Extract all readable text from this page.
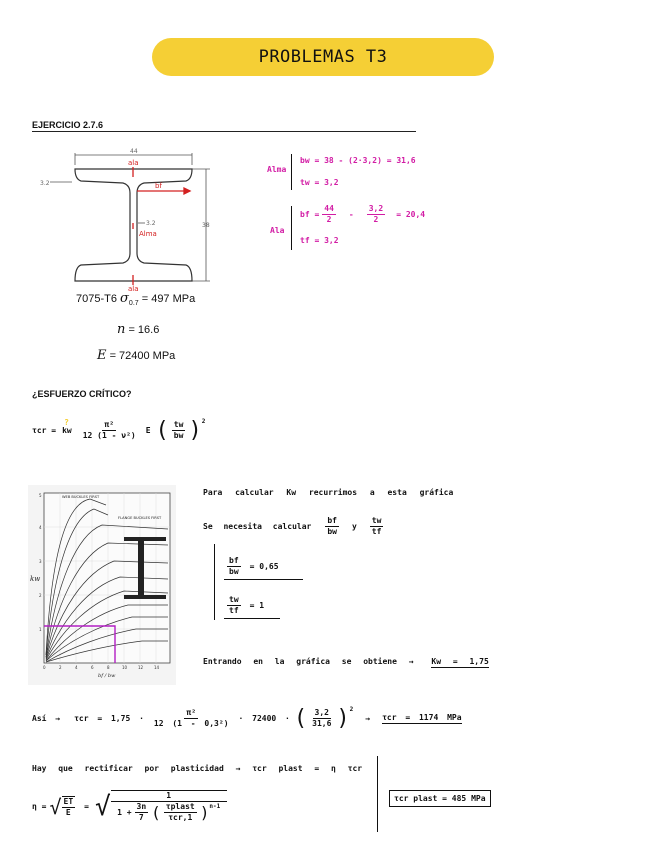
PROBLEMAS T3
EJERCICIO 2.7.6
ala
bf
Alma
ala
44
38
3.2
3.2
7075-T6 $\sigma_{0.7} = 497$ MPa
n = 16.6
E = 72400 MPa
Alma
bw = 38 - (2·3,2) = 31,6
tw = 3,2
Ala
bf = $\frac{44}{2} - \frac{3,2}{2} = 20,4$
tf = 3,2
¿ESFUERZO CRÍTICO?
τcr =
?
kw $\frac{\text{π²}}{\text{12 (1 - ν²)}}$ E ( $\frac{tw}{bw} )^2$
WEB BUCKLES FIRST
FLANGE BUCKLES FIRST
kw
bf / bw
0	2	4	6	8	10	12	14
1
2
3
4
5	Para calcular Kw recurrimos a esta gráfica
Se necesita calcular $\frac{bf}{bw}$ y $\frac{tw}{tf}$
$\frac{bf}{bw} = 0,65$
$\frac{tw}{tf} = 1$
Entrando en la gráfica se obtiene → Kw = 1,75
Así → $\tau cr = 1,75 \cdot \frac{\text{π²}}{\text{12 (1 - 0,3²)}} \cdot 72400$ · ( $\frac{3,2}{31,6} )^2$
→ τcr = 1174 MPa
Hay que rectificar por plasticidad → τcr plast = η τcr
η = √ $\frac{ET}{E}$ = √ $\frac{1}{1 + \frac{3n}{7} ( \frac{\text{τplast}}{\text{τcr,1}} )^{n-1}}$	τcr plast = 485 MPa
